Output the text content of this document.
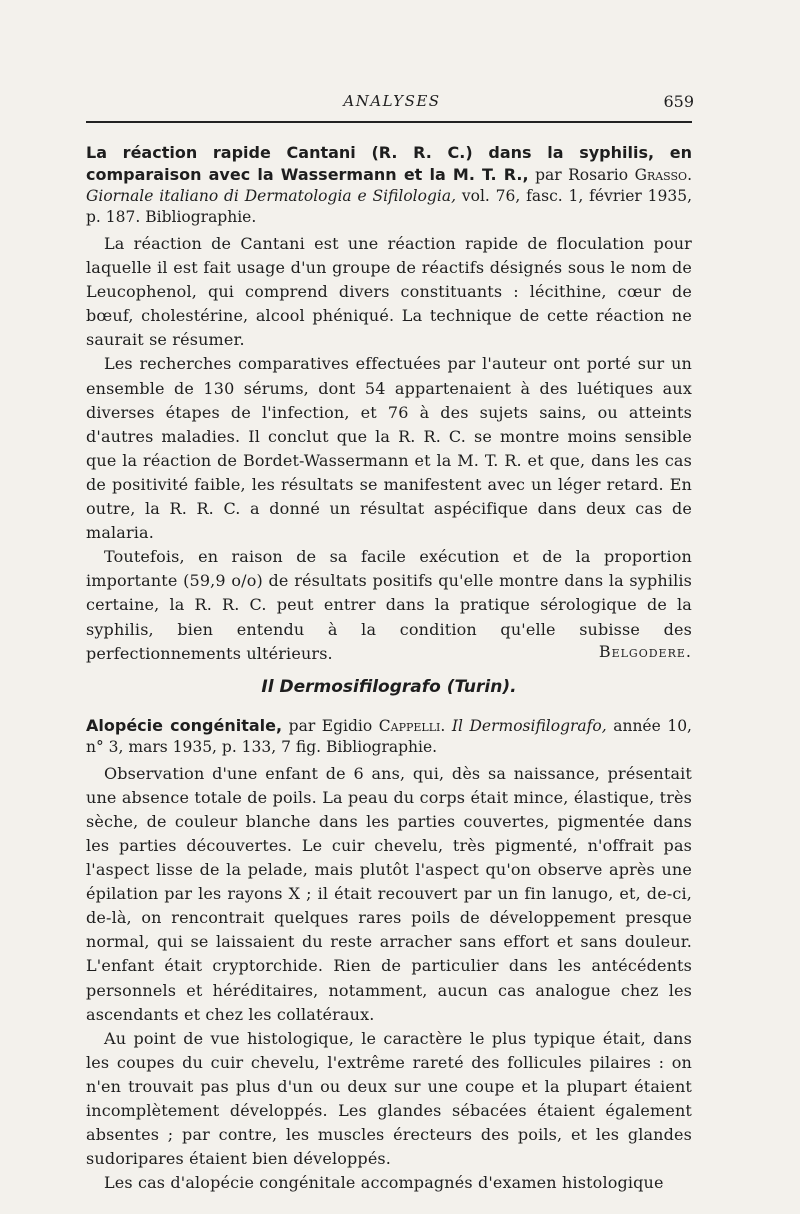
ANALYSES	659
La réaction rapide Cantani (R. R. C.) dans la syphilis, en comparaison avec la Wassermann et la M. T. R., par Rosario Grasso. Giornale italiano di Dermatologia e Sifilologia, vol. 76, fasc. 1, février 1935, p. 187. Bibliographie.

La réaction de Cantani est une réaction rapide de floculation pour laquelle il est fait usage d'un groupe de réactifs désignés sous le nom de Leucophenol, qui comprend divers constituants : lécithine, cœur de bœuf, cholestérine, alcool phéniqué. La technique de cette réaction ne saurait se résumer.

Les recherches comparatives effectuées par l'auteur ont porté sur un ensemble de 130 sérums, dont 54 appartenaient à des luétiques aux diverses étapes de l'infection, et 76 à des sujets sains, ou atteints d'autres maladies. Il conclut que la R. R. C. se montre moins sensible que la réaction de Bordet-Wassermann et la M. T. R. et que, dans les cas de positivité faible, les résultats se manifestent avec un léger retard. En outre, la R. R. C. a donné un résultat aspécifique dans deux cas de malaria.

Toutefois, en raison de sa facile exécution et de la proportion importante (59,9 o/o) de résultats positifs qu'elle montre dans la syphilis certaine, la R. R. C. peut entrer dans la pratique sérologique de la syphilis, bien entendu à la condition qu'elle subisse des perfectionnements ultérieurs.	Belgodere.
Il Dermosifilografo (Turin).
Alopécie congénitale, par Egidio Cappelli. Il Dermosifilografo, année 10, n° 3, mars 1935, p. 133, 7 fig. Bibliographie.

Observation d'une enfant de 6 ans, qui, dès sa naissance, présentait une absence totale de poils. La peau du corps était mince, élastique, très sèche, de couleur blanche dans les parties couvertes, pigmentée dans les parties découvertes. Le cuir chevelu, très pigmenté, n'offrait pas l'aspect lisse de la pelade, mais plutôt l'aspect qu'on observe après une épilation par les rayons X ; il était recouvert par un fin lanugo, et, de-ci, de-là, on rencontrait quelques rares poils de développement presque normal, qui se laissaient du reste arracher sans effort et sans douleur. L'enfant était cryptorchide. Rien de particulier dans les antécédents personnels et héréditaires, notamment, aucun cas analogue chez les ascendants et chez les collatéraux.

Au point de vue histologique, le caractère le plus typique était, dans les coupes du cuir chevelu, l'extrême rareté des follicules pilaires : on n'en trouvait pas plus d'un ou deux sur une coupe et la plupart étaient incomplètement développés. Les glandes sébacées étaient également absentes ; par contre, les muscles érecteurs des poils, et les glandes sudoripares étaient bien développés.

Les cas d'alopécie congénitale accompagnés d'examen histologique
